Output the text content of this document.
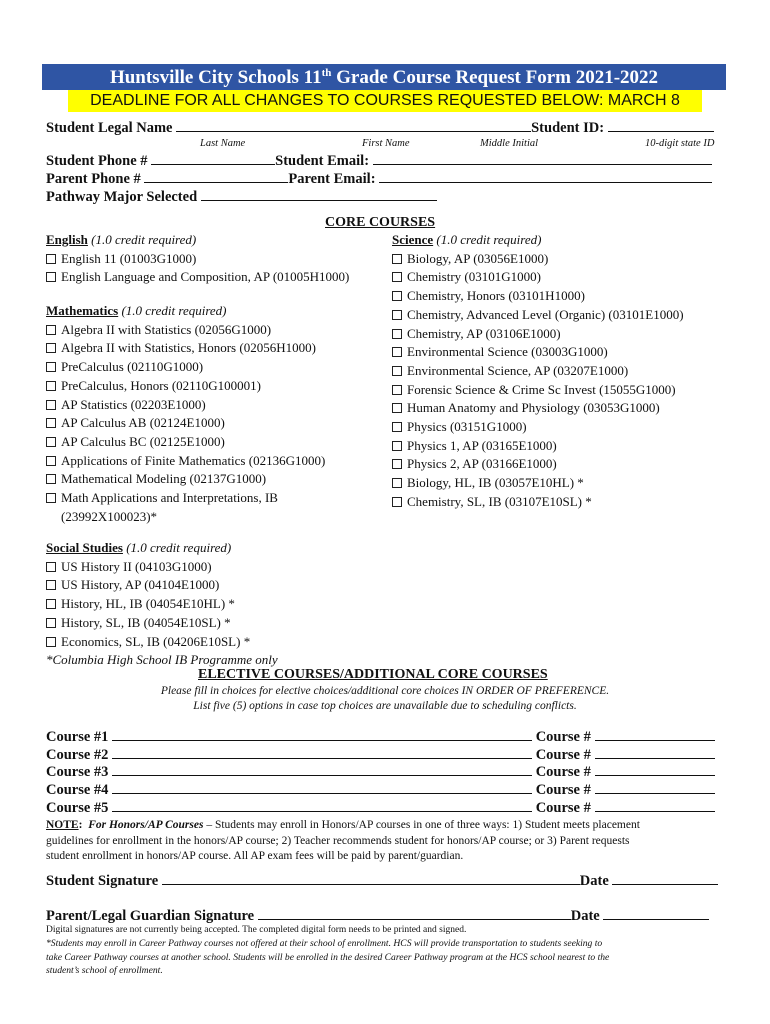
Huntsville City Schools 11th Grade Course Request Form 2021-2022
DEADLINE FOR ALL CHANGES TO COURSES REQUESTED BELOW: MARCH 8
Student Legal Name	Student ID:
Last Name	First Name	Middle Initial	10-digit state ID
Student Phone #	Student Email:
Parent Phone #	Parent Email:
Pathway Major Selected
CORE COURSES
English (1.0 credit required)
English 11 (01003G1000)
English Language and Composition, AP (01005H1000)
Mathematics (1.0 credit required)
Algebra II with Statistics (02056G1000)
Algebra II with Statistics, Honors (02056H1000)
PreCalculus (02110G1000)
PreCalculus, Honors (02110G100001)
AP Statistics (02203E1000)
AP Calculus AB (02124E1000)
AP Calculus BC (02125E1000)
Applications of Finite Mathematics (02136G1000)
Mathematical Modeling (02137G1000)
Math Applications and Interpretations, IB
(23992X100023)*
Science (1.0 credit required)
Biology, AP (03056E1000)
Chemistry (03101G1000)
Chemistry, Honors (03101H1000)
Chemistry, Advanced Level (Organic) (03101E1000)
Chemistry, AP (03106E1000)
Environmental Science (03003G1000)
Environmental Science, AP (03207E1000)
Forensic Science & Crime Sc Invest (15055G1000)
Human Anatomy and Physiology (03053G1000)
Physics (03151G1000)
Physics 1, AP (03165E1000)
Physics 2, AP (03166E1000)
Biology, HL, IB (03057E10HL) *
Chemistry, SL, IB (03107E10SL) *
Social Studies (1.0 credit required)
US History II (04103G1000)
US History, AP (04104E1000)
History, HL, IB (04054E10HL) *
History, SL, IB (04054E10SL) *
Economics, SL, IB (04206E10SL) *
*Columbia High School IB Programme only
ELECTIVE COURSES/ADDITIONAL CORE COURSES
Please fill in choices for elective choices/additional core choices IN ORDER OF PREFERENCE.
List five (5) options in case top choices are unavailable due to scheduling conflicts.
Course #1	Course #
Course #2	Course #
Course #3	Course #
Course #4	Course #
Course #5	Course #
NOTE: For Honors/AP Courses – Students may enroll in Honors/AP courses in one of three ways: 1) Student meets placement
guidelines for enrollment in the honors/AP course; 2) Teacher recommends student for honors/AP course; or 3) Parent requests
student enrollment in honors/AP course. All AP exam fees will be paid by parent/guardian.
Student Signature	Date
Parent/Legal Guardian Signature	Date
Digital signatures are not currently being accepted. The completed digital form needs to be printed and signed.
*Students may enroll in Career Pathway courses not offered at their school of enrollment. HCS will provide transportation to students seeking to
take Career Pathway courses at another school. Students will be enrolled in the desired Career Pathway program at the HCS school nearest to the
student’s school of enrollment.
